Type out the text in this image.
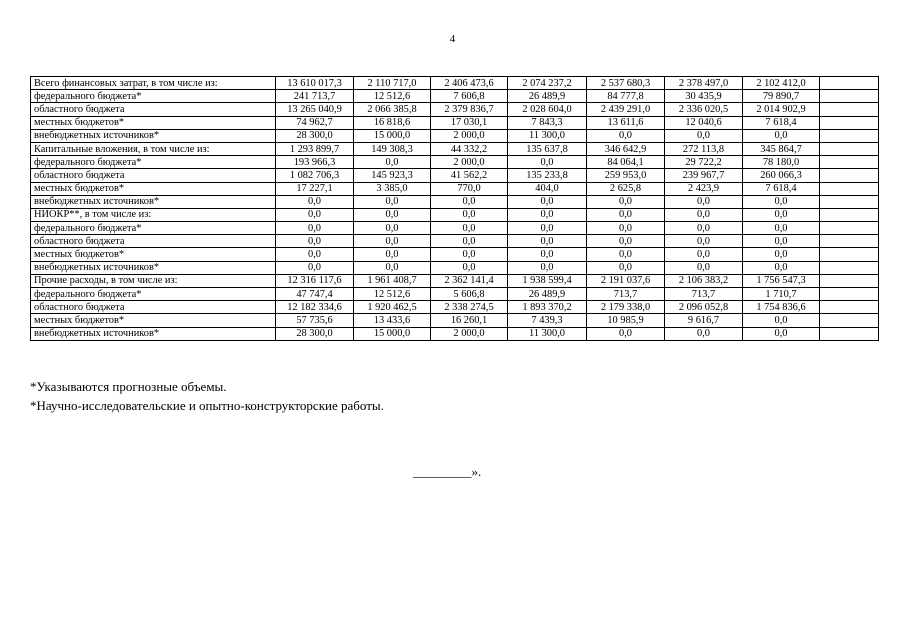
4
Всего финансовых затрат, в том числе из:	13 610 017,3	2 110 717,0	2 406 473,6	2 074 237,2	2 537 680,3	2 378 497,0	2 102 412,0	
федерального бюджета*	241 713,7	12 512,6	7 606,8	26 489,9	84 777,8	30 435,9	79 890,7	
областного бюджета	13 265 040,9	2 066 385,8	2 379 836,7	2 028 604,0	2 439 291,0	2 336 020,5	2 014 902,9	
местных бюджетов*	74 962,7	16 818,6	17 030,1	7 843,3	13 611,6	12 040,6	7 618,4	
внебюджетных источников*	28 300,0	15 000,0	2 000,0	11 300,0	0,0	0,0	0,0	
Капитальные вложения, в том числе из:	1 293 899,7	149 308,3	44 332,2	135 637,8	346 642,9	272 113,8	345 864,7	
федерального бюджета*	193 966,3	0,0	2 000,0	0,0	84 064,1	29 722,2	78 180,0	
областного бюджета	1 082 706,3	145 923,3	41 562,2	135 233,8	259 953,0	239 967,7	260 066,3	
местных бюджетов*	17 227,1	3 385,0	770,0	404,0	2 625,8	2 423,9	7 618,4	
внебюджетных источников*	0,0	0,0	0,0	0,0	0,0	0,0	0,0	
НИОКР**, в том числе из:	0,0	0,0	0,0	0,0	0,0	0,0	0,0	
федерального бюджета*	0,0	0,0	0,0	0,0	0,0	0,0	0,0	
областного бюджета	0,0	0,0	0,0	0,0	0,0	0,0	0,0	
местных бюджетов*	0,0	0,0	0,0	0,0	0,0	0,0	0,0	
внебюджетных источников*	0,0	0,0	0,0	0,0	0,0	0,0	0,0	
Прочие расходы, в том числе из:	12 316 117,6	1 961 408,7	2 362 141,4	1 938 599,4	2 191 037,6	2 106 383,2	1 756 547,3	
федерального бюджета*	47 747,4	12 512,6	5 606,8	26 489,9	713,7	713,7	1 710,7	
областного бюджета	12 182 334,6	1 920 462,5	2 338 274,5	1 893 370,2	2 179 338,0	2 096 052,8	1 754 836,6	
местных бюджетов*	57 735,6	13 433,6	16 260,1	7 439,3	10 985,9	9 616,7	0,0	
внебюджетных источников*	28 300,0	15 000,0	2 000,0	11 300,0	0,0	0,0	0,0	

*Указываются прогнозные объемы.

*Научно-исследовательские и опытно-конструкторские работы.

_________».
